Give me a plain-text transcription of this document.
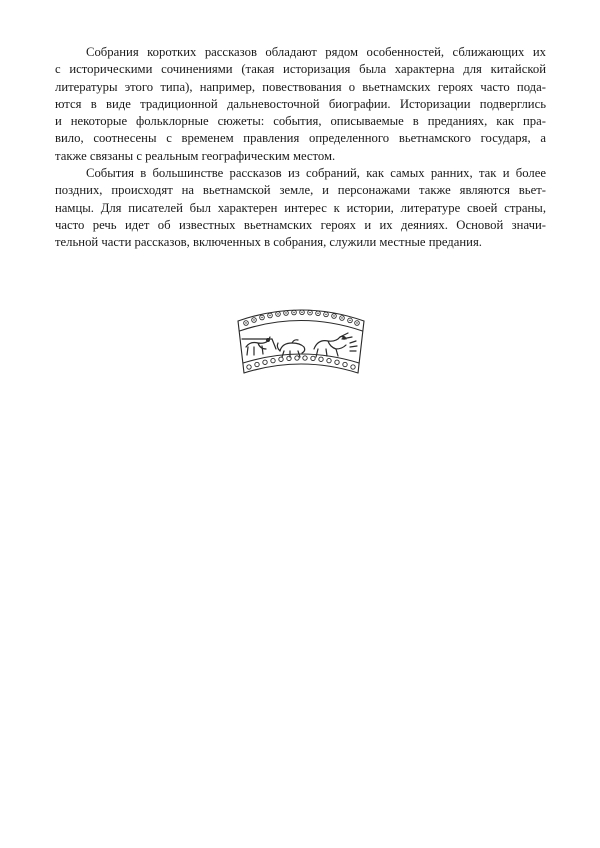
Собрания коротких рассказов обладают рядом особенностей, сближающих их
с историческими сочинениями (такая историзация была характерна для китайской
литературы этого типа), например, повествования о вьетнамских героях часто пода-
ются в виде традиционной дальневосточной биографии. Историзации подверглись
и некоторые фольклорные сюжеты: события, описываемые в преданиях, как пра-
вило, соотнесены с временем правления определенного вьетнамского государя, а
также связаны с реальным географическим местом.
События в большинстве рассказов из собраний, как самых ранних, так и более
поздних, происходят на вьетнамской земле, и персонажами также являются вьет-
намцы. Для писателей был характерен интерес к истории, литературе своей страны,
часто речь идет об известных вьетнамских героях и их деяниях. Основой значи-
тельной части рассказов, включенных в собрания, служили местные предания.
